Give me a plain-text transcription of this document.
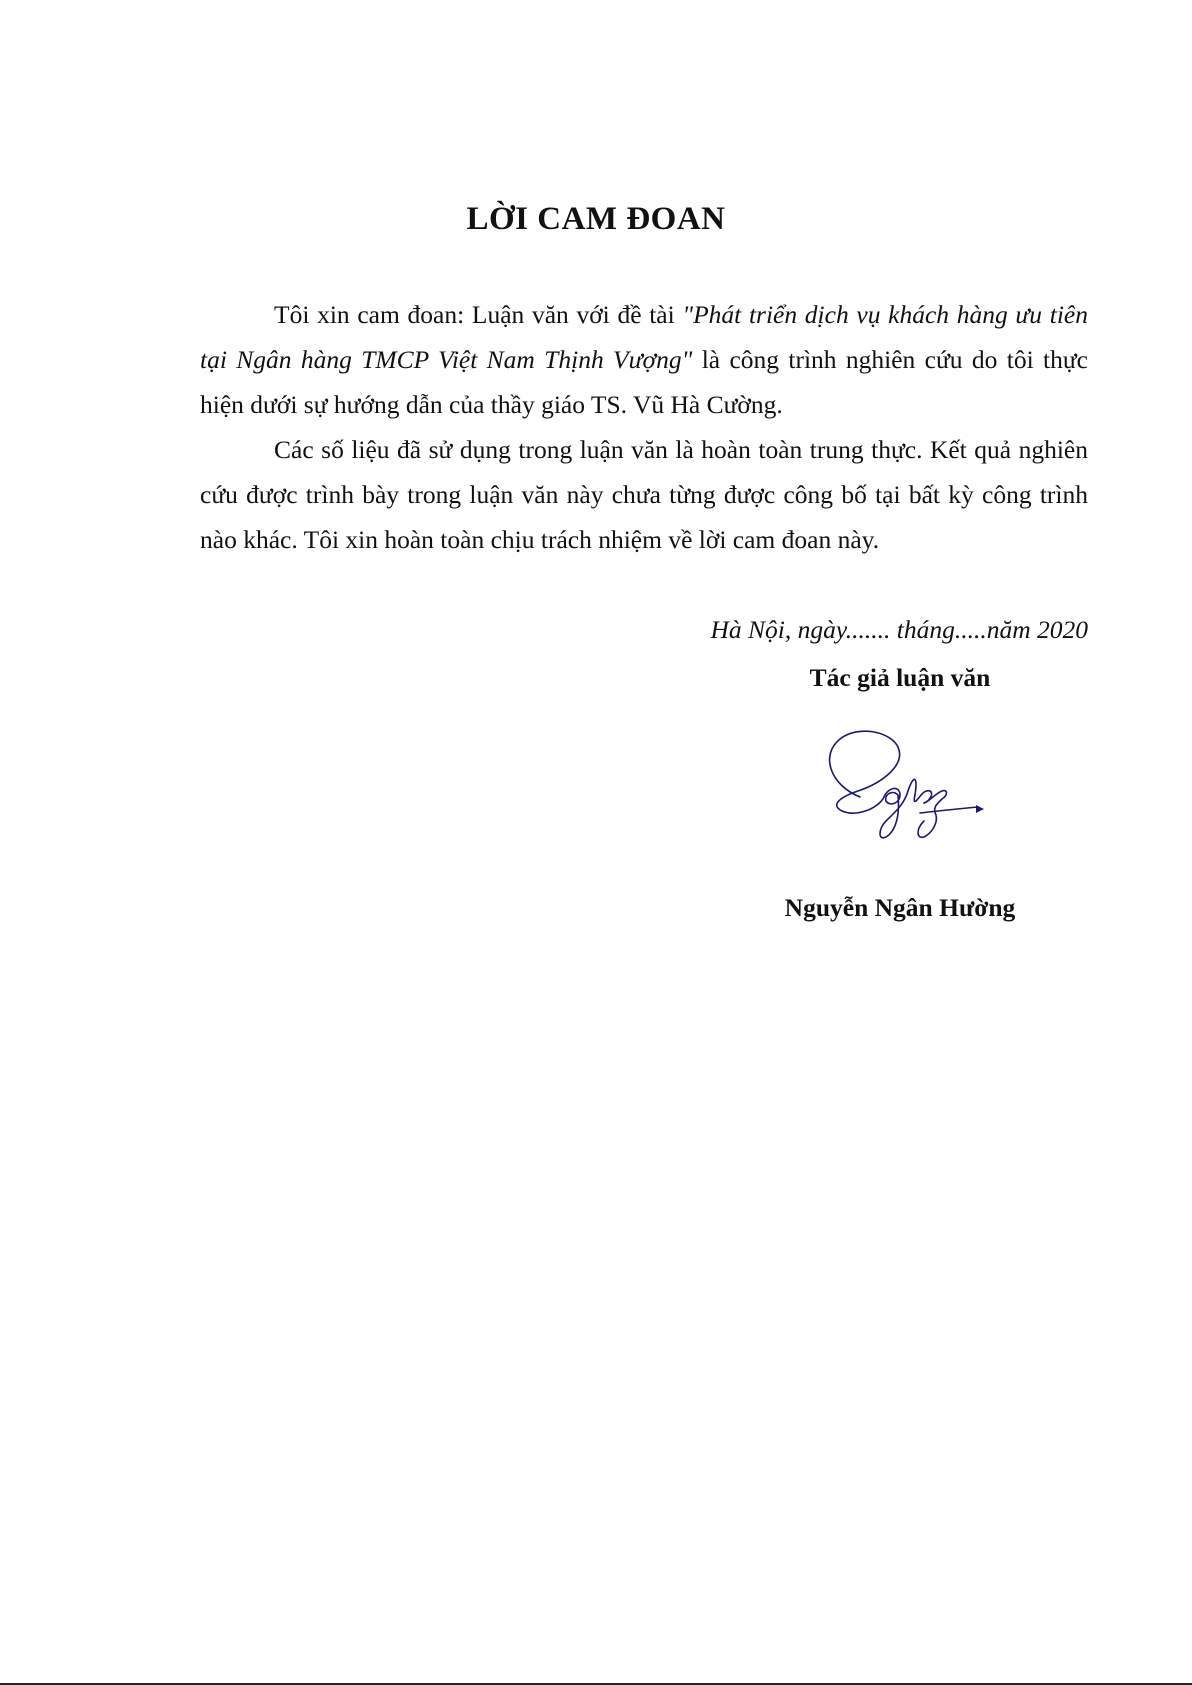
LỜI CAM ĐOAN

Tôi xin cam đoan: Luận văn với đề tài "Phát triển dịch vụ khách hàng ưu tiên tại Ngân hàng TMCP Việt Nam Thịnh Vượng" là công trình nghiên cứu do tôi thực hiện dưới sự hướng dẫn của thầy giáo TS. Vũ Hà Cường.

Các số liệu đã sử dụng trong luận văn là hoàn toàn trung thực. Kết quả nghiên cứu được trình bày trong luận văn này chưa từng được công bố tại bất kỳ công trình nào khác. Tôi xin hoàn toàn chịu trách nhiệm về lời cam đoan này.

Hà Nội, ngày....... tháng.....năm 2020
Tác giả luận văn
Nguyễn Ngân Hường
